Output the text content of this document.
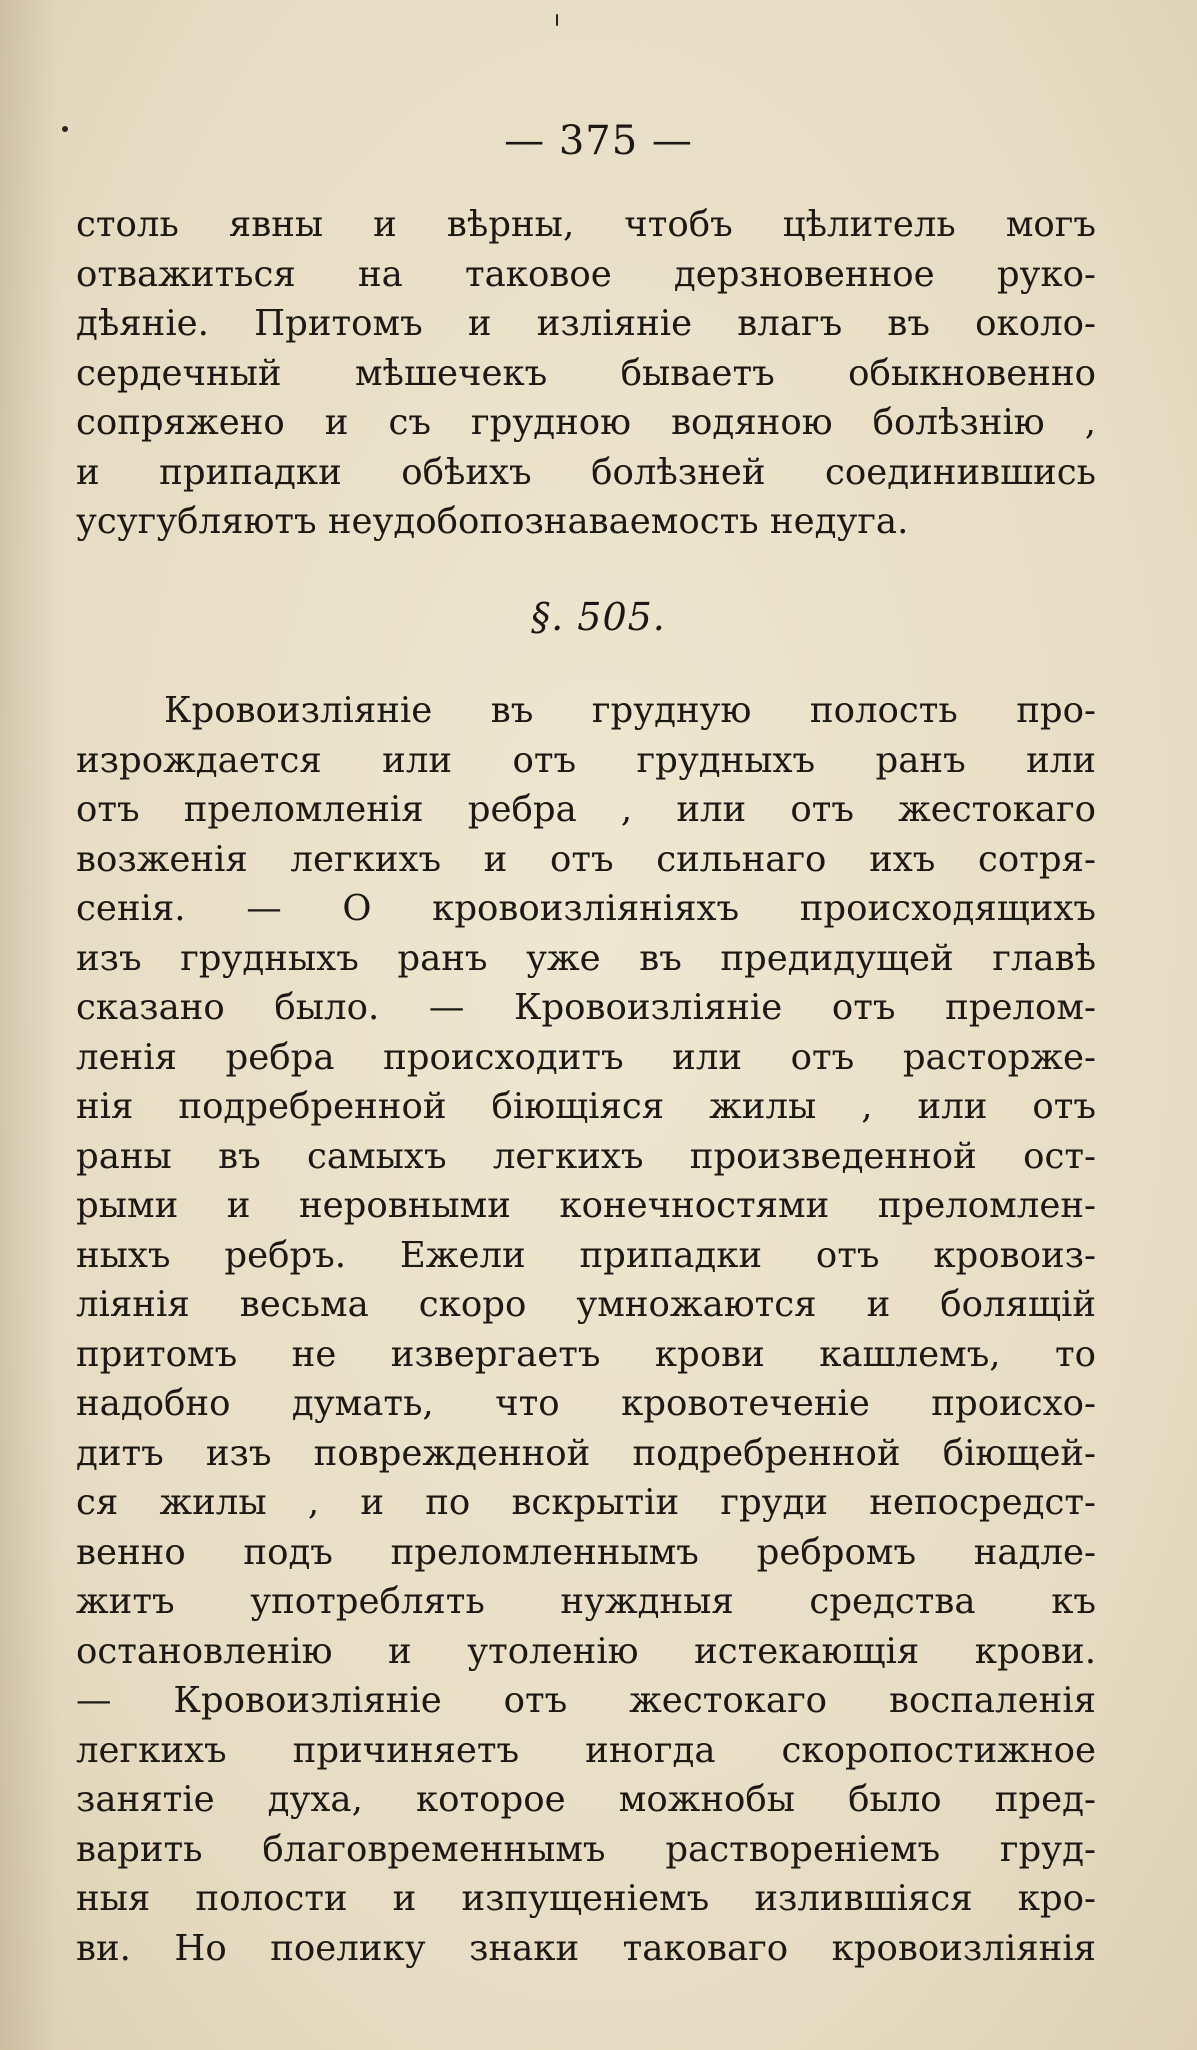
— 375 —
столь явны и вѣрны, чтобъ цѣлитель могъ
отважиться на таковое дерзновенное руко-
дѣяніе. Притомъ и изліяніе влагъ въ около-
сердечный мѣшечекъ бываетъ обыкновенно
сопряжено и съ грудною водяною болѣзнію ,
и припадки обѣихъ болѣзней соединившись
усугубляютъ неудобопознаваемость недуга.
§. 505.
Кровоизліяніе въ грудную полость про-
изрождается или отъ грудныхъ ранъ или
отъ преломленія ребра , или отъ жестокаго
возженія легкихъ и отъ сильнаго ихъ сотря-
сенія. — О кровоизліяніяхъ происходящихъ
изъ грудныхъ ранъ уже въ предидущей главѣ
сказано было. — Кровоизліяніе отъ прелом-
ленія ребра происходитъ или отъ расторже-
нія подребренной біющіяся жилы , или отъ
раны въ самыхъ легкихъ произведенной ост-
рыми и неровными конечностями преломлен-
ныхъ ребръ. Ежели припадки отъ кровоиз-
ліянія весьма скоро умножаются и болящій
притомъ не извергаетъ крови кашлемъ, то
надобно думать, что кровотеченіе происхо-
дитъ изъ поврежденной подребренной біющей-
ся жилы , и по вскрытіи груди непосредст-
венно подъ преломленнымъ ребромъ надле-
житъ употреблять нуждныя средства къ
остановленію и утоленію истекающія крови.
— Кровоизліяніе отъ жестокаго воспаленія
легкихъ причиняетъ иногда скоропостижное
занятіе духа, которое можнобы было пред-
варить благовременнымъ раствореніемъ груд-
ныя полости и изпущеніемъ излившіяся кро-
ви. Но поелику знаки таковаго кровоизліянія
